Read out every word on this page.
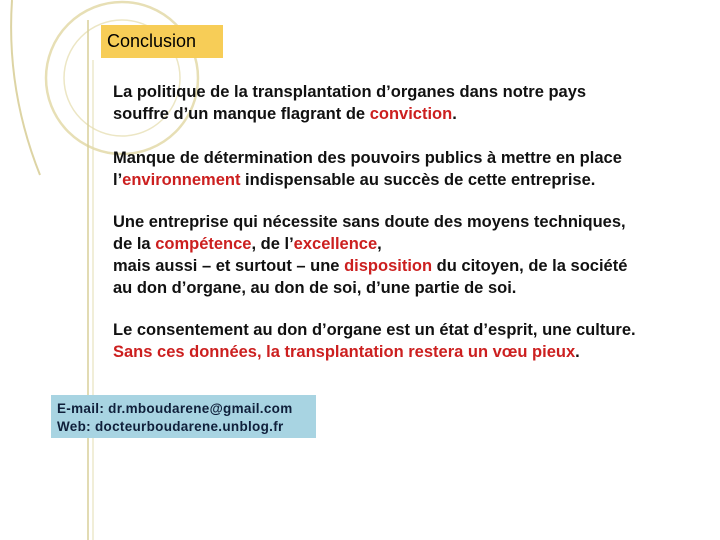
Conclusion
La politique de la transplantation d’organes dans notre pays
souffre d’un manque flagrant de conviction.
Manque de détermination des pouvoirs publics à mettre en place
l’environnement indispensable au succès de cette entreprise.
Une entreprise qui nécessite sans doute des moyens techniques,
de la compétence, de l’excellence,
mais aussi – et surtout – une disposition du citoyen, de la société
au don d’organe, au don de soi, d’une partie de soi.
Le consentement au don d’organe est un état d’esprit, une culture.
Sans ces données, la transplantation restera un vœu pieux.
E-mail: dr.mboudarene@gmail.com
Web: docteurboudarene.unblog.fr
